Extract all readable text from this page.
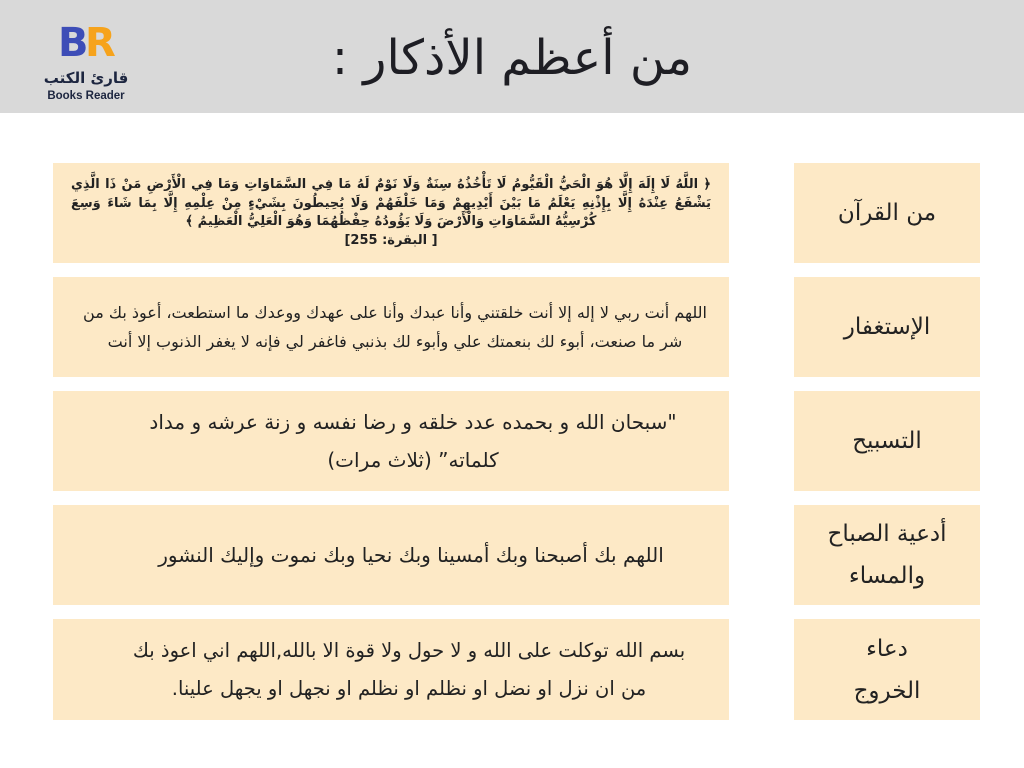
B
R
قارئ الكتب
Books Reader
من أعظم الأذكار :
من القرآن
﴿ اللَّهُ لَا إِلَهَ إِلَّا هُوَ الْحَيُّ الْقَيُّومُ لَا تَأْخُذُهُ سِنَةٌ وَلَا نَوْمٌ لَهُ مَا فِي السَّمَاوَاتِ وَمَا فِي الْأَرْضِ مَنْ ذَا الَّذِي يَشْفَعُ عِنْدَهُ إِلَّا بِإِذْنِهِ يَعْلَمُ مَا بَيْنَ أَيْدِيهِمْ وَمَا خَلْفَهُمْ وَلَا يُحِيطُونَ بِشَيْءٍ مِنْ عِلْمِهِ إِلَّا بِمَا شَاءَ وَسِعَ كُرْسِيُّهُ السَّمَاوَاتِ وَالْأَرْضَ وَلَا يَؤُودُهُ حِفْظُهُمَا وَهُوَ الْعَلِيُّ الْعَظِيمُ ﴾
[ البقرة: 255]
الإستغفار
اللهم أنت ربي لا إله إلا أنت خلقتني وأنا عبدك وأنا على عهدك ووعدك ما استطعت، أعوذ بك من شر ما صنعت، أبوء لك بنعمتك علي وأبوء لك بذنبي فاغفر لي فإنه لا يغفر الذنوب إلا أنت
التسبيح
"سبحان الله و بحمده عدد خلقه و رضا نفسه و زنة عرشه و مداد كلماته” (ثلاث مرات)
أدعية الصباح
والمساء
اللهم بك أصبحنا وبك أمسينا وبك نحيا وبك نموت وإليك النشور
دعاء
الخروج
بسم الله توكلت على الله و لا حول ولا قوة الا بالله,اللهم اني اعوذ بك من ان نزل او نضل او نظلم او نظلم او نجهل او يجهل علينا.
